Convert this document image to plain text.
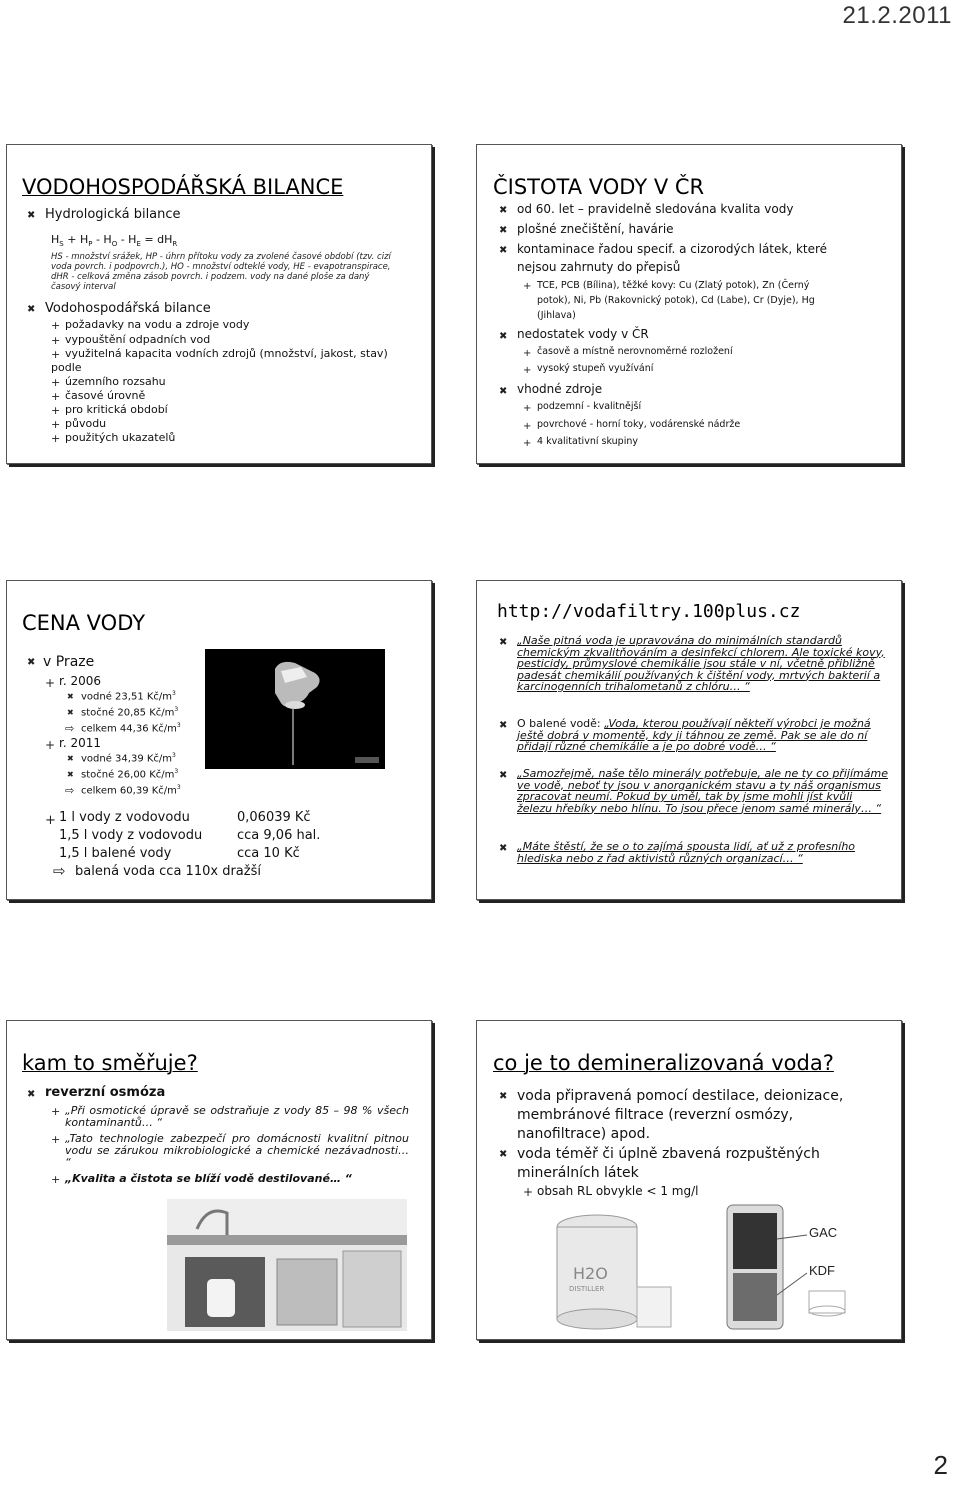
21.2.2011
VODOHOSPODÁŘSKÁ BILANCE
✖ Hydrologická bilance
$H_S + H_P - H_O - H_E = dH_R$
HS - množství srážek, HP - úhrn přítoku vody za zvolené časové období (tzv. cizí
voda povrch. i podpovrch.), HO - množství odteklé vody, HE - evapotranspirace,
dHR - celková změna zásob povrch. i podzem. vody na dané ploše za daný
časový interval
✖ Vodohospodářská bilance
+ požadavky na vodu a zdroje vody
+ vypouštění odpadních vod
+ využitelná kapacita vodních zdrojů (množství, jakost, stav)
podle
+ územního rozsahu
+ časové úrovně
+ pro kritická období
+ původu
+ použitých ukazatelů
ČISTOTA VODY V ČR
✖ od 60. let – pravidelně sledována kvalita vody
✖ plošné znečištění, havárie
✖ kontaminace řadou specif. a cizorodých látek, které
nejsou zahrnuty do přepisů
+ TCE, PCB (Bílina), těžké kovy: Cu (Zlatý potok), Zn (Černý
potok), Ni, Pb (Rakovnický potok), Cd (Labe), Cr (Dyje), Hg
(Jihlava)
✖ nedostatek vody v ČR
+ časově a místně nerovnoměrné rozložení
+ vysoký stupeň využívání
✖ vhodné zdroje
+ podzemní - kvalitnější
+ povrchové - horní toky, vodárenské nádrže
+ 4 kvalitativní skupiny
CENA VODY
✖ v Praze
+ r. 2006
✖ vodné 23,51 $Kč/m^3$
✖ stočné 20,85 $Kč/m^3$
⇨ celkem 44,36 $Kč/m^3$
+ r. 2011
✖ vodné 34,39 $Kč/m^3$
✖ stočné 26,00 $Kč/m^3$
⇨ celkem 60,39 $Kč/m^3$
+ 1 l vody z vodovodu	0,06039 Kč
1,5 l vody z vodovodu	cca 9,06 hal.
1,5 l balené vody	cca 10 Kč
⇨ balená voda cca 110x dražší
http://vodafiltry.100plus.cz
✖ „Naše pitná voda je upravována do minimálních standardů chemickým zkvalitňováním a desinfekcí chlorem. Ale toxické kovy, pesticidy, průmyslové chemikálie jsou stále v ní, včetně přibližně padesát chemikálií používaných k čištění vody, mrtvých bakterií a karcinogenních trihalometanů z chlóru… “
✖ O balené vodě: „Voda, kterou používají někteří výrobci je možná ještě dobrá v momentě, kdy ji táhnou ze země. Pak se ale do ní přidají různé chemikálie a je po dobré vodě… “
✖ „Samozřejmě, naše tělo minerály potřebuje, ale ne ty co přijímáme ve vodě, neboť ty jsou v anorganickém stavu a ty náš organismus zpracovat neumí. Pokud by uměl, tak by jsme mohli jíst kvůli železu hřebíky nebo hlínu. To jsou přece jenom samé minerály… “
✖ „Máte štěstí, že se o to zajímá spousta lidí, ať už z profesního hlediska nebo z řad aktivistů různých organizací… “
kam to směřuje?
✖ reverzní osmóza
+ „Při osmotické úpravě se odstraňuje z vody 85 – 98 % všech kontaminantů… “
+ „Tato technologie zabezpečí pro domácnosti kvalitní pitnou vodu se zárukou mikrobiologické a chemické nezávadnosti… “
+ „Kvalita a čistota se blíží vodě destilované… “
co je to demineralizovaná voda?
✖ voda připravená pomocí destilace, deionizace, membránové filtrace (reverzní osmózy, nanofiltrace) apod.
✖ voda téměř či úplně zbavená rozpuštěných minerálních látek
+ obsah RL obvykle < 1 mg/l
H2O
DISTILLER
GAC
KDF
2
